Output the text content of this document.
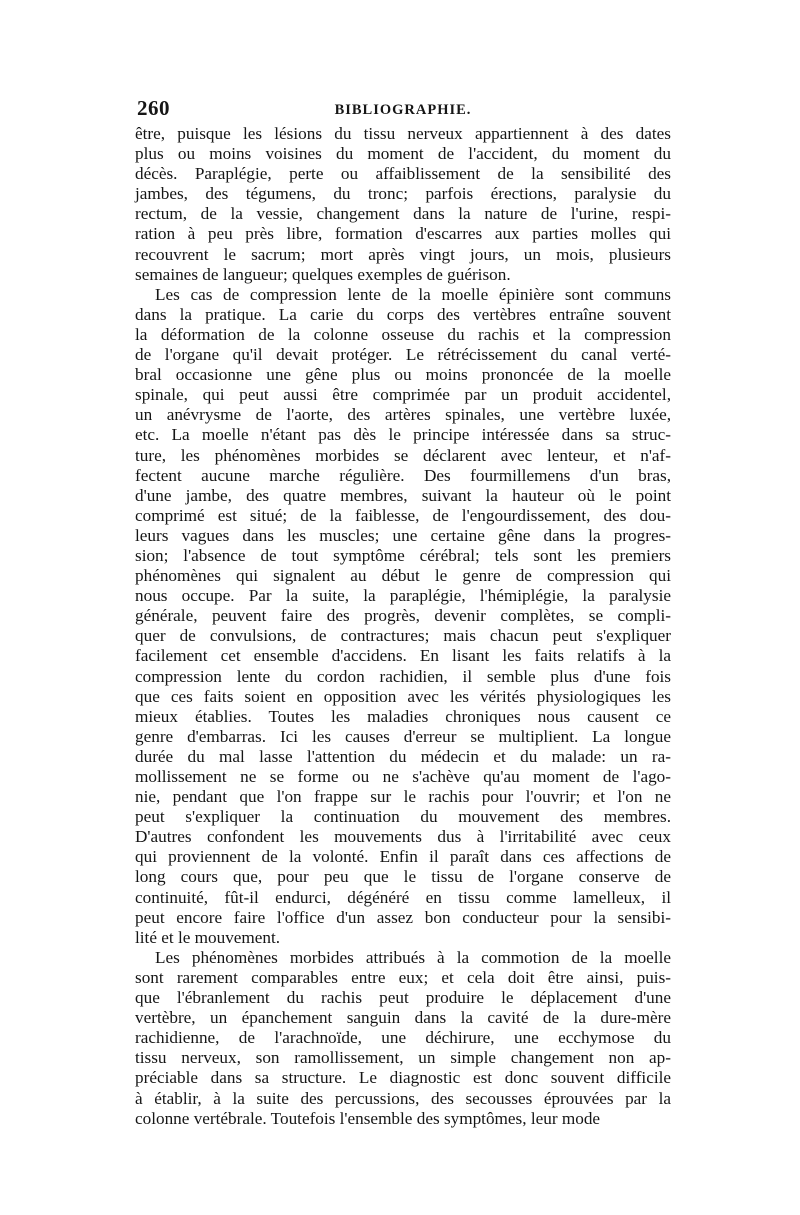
260	BIBLIOGRAPHIE.
être, puisque les lésions du tissu nerveux appartiennent à des dates
plus ou moins voisines du moment de l'accident, du moment du
décès. Paraplégie, perte ou affaiblissement de la sensibilité des
jambes, des tégumens, du tronc; parfois érections, paralysie du
rectum, de la vessie, changement dans la nature de l'urine, respi-
ration à peu près libre, formation d'escarres aux parties molles qui
recouvrent le sacrum; mort après vingt jours, un mois, plusieurs
semaines de langueur; quelques exemples de guérison.
Les cas de compression lente de la moelle épinière sont communs
dans la pratique. La carie du corps des vertèbres entraîne souvent
la déformation de la colonne osseuse du rachis et la compression
de l'organe qu'il devait protéger. Le rétrécissement du canal verté-
bral occasionne une gêne plus ou moins prononcée de la moelle
spinale, qui peut aussi être comprimée par un produit accidentel,
un anévrysme de l'aorte, des artères spinales, une vertèbre luxée,
etc. La moelle n'étant pas dès le principe intéressée dans sa struc-
ture, les phénomènes morbides se déclarent avec lenteur, et n'af-
fectent aucune marche régulière. Des fourmillemens d'un bras,
d'une jambe, des quatre membres, suivant la hauteur où le point
comprimé est situé; de la faiblesse, de l'engourdissement, des dou-
leurs vagues dans les muscles; une certaine gêne dans la progres-
sion; l'absence de tout symptôme cérébral; tels sont les premiers
phénomènes qui signalent au début le genre de compression qui
nous occupe. Par la suite, la paraplégie, l'hémiplégie, la paralysie
générale, peuvent faire des progrès, devenir complètes, se compli-
quer de convulsions, de contractures; mais chacun peut s'expliquer
facilement cet ensemble d'accidens. En lisant les faits relatifs à la
compression lente du cordon rachidien, il semble plus d'une fois
que ces faits soient en opposition avec les vérités physiologiques les
mieux établies. Toutes les maladies chroniques nous causent ce
genre d'embarras. Ici les causes d'erreur se multiplient. La longue
durée du mal lasse l'attention du médecin et du malade: un ra-
mollissement ne se forme ou ne s'achève qu'au moment de l'ago-
nie, pendant que l'on frappe sur le rachis pour l'ouvrir; et l'on ne
peut s'expliquer la continuation du mouvement des membres.
D'autres confondent les mouvements dus à l'irritabilité avec ceux
qui proviennent de la volonté. Enfin il paraît dans ces affections de
long cours que, pour peu que le tissu de l'organe conserve de
continuité, fût-il endurci, dégénéré en tissu comme lamelleux, il
peut encore faire l'office d'un assez bon conducteur pour la sensibi-
lité et le mouvement.
Les phénomènes morbides attribués à la commotion de la moelle
sont rarement comparables entre eux; et cela doit être ainsi, puis-
que l'ébranlement du rachis peut produire le déplacement d'une
vertèbre, un épanchement sanguin dans la cavité de la dure-mère
rachidienne, de l'arachnoïde, une déchirure, une ecchymose du
tissu nerveux, son ramollissement, un simple changement non ap-
préciable dans sa structure. Le diagnostic est donc souvent difficile
à établir, à la suite des percussions, des secousses éprouvées par la
colonne vertébrale. Toutefois l'ensemble des symptômes, leur mode
